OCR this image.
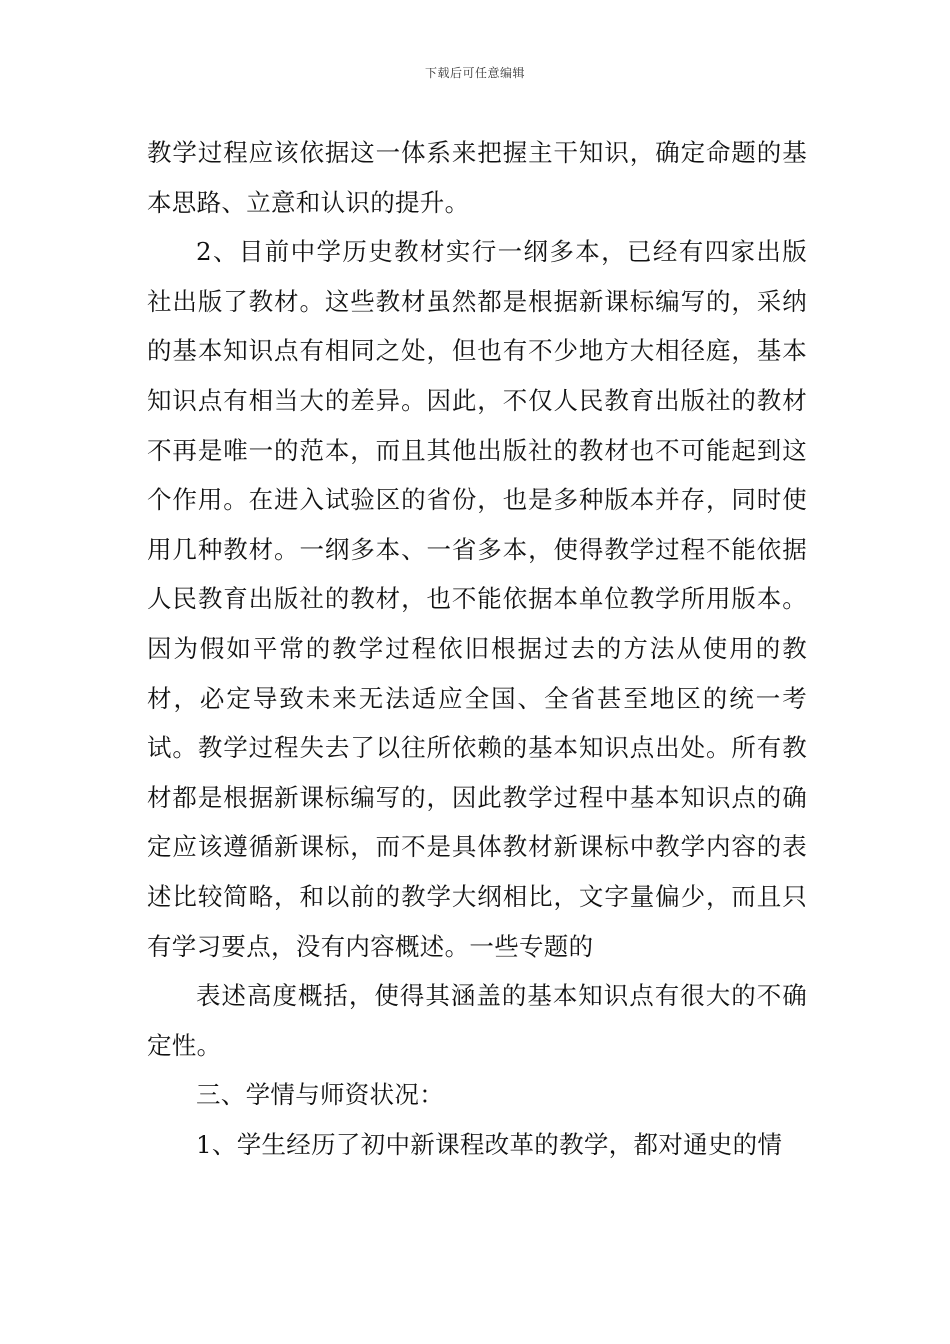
下载后可任意编辑

教学过程应该依据这一体系来把握主干知识，确定命题的基本思路、立意和认识的提升。

2、目前中学历史教材实行一纲多本，已经有四家出版社出版了教材。这些教材虽然都是根据新课标编写的，采纳的基本知识点有相同之处，但也有不少地方大相径庭，基本知识点有相当大的差异。因此，不仅人民教育出版社的教材不再是唯一的范本，而且其他出版社的教材也不可能起到这个作用。在进入试验区的省份，也是多种版本并存，同时使用几种教材。一纲多本、一省多本，使得教学过程不能依据人民教育出版社的教材，也不能依据本单位教学所用版本。因为假如平常的教学过程依旧根据过去的方法从使用的教材，必定导致未来无法适应全国、全省甚至地区的统一考试。教学过程失去了以往所依赖的基本知识点出处。所有教材都是根据新课标编写的，因此教学过程中基本知识点的确定应该遵循新课标，而不是具体教材新课标中教学内容的表述比较简略，和以前的教学大纲相比，文字量偏少，而且只有学习要点，没有内容概述。一些专题的

表述高度概括，使得其涵盖的基本知识点有很大的不确定性。

三、学情与师资状况：

1、学生经历了初中新课程改革的教学，都对通史的情
